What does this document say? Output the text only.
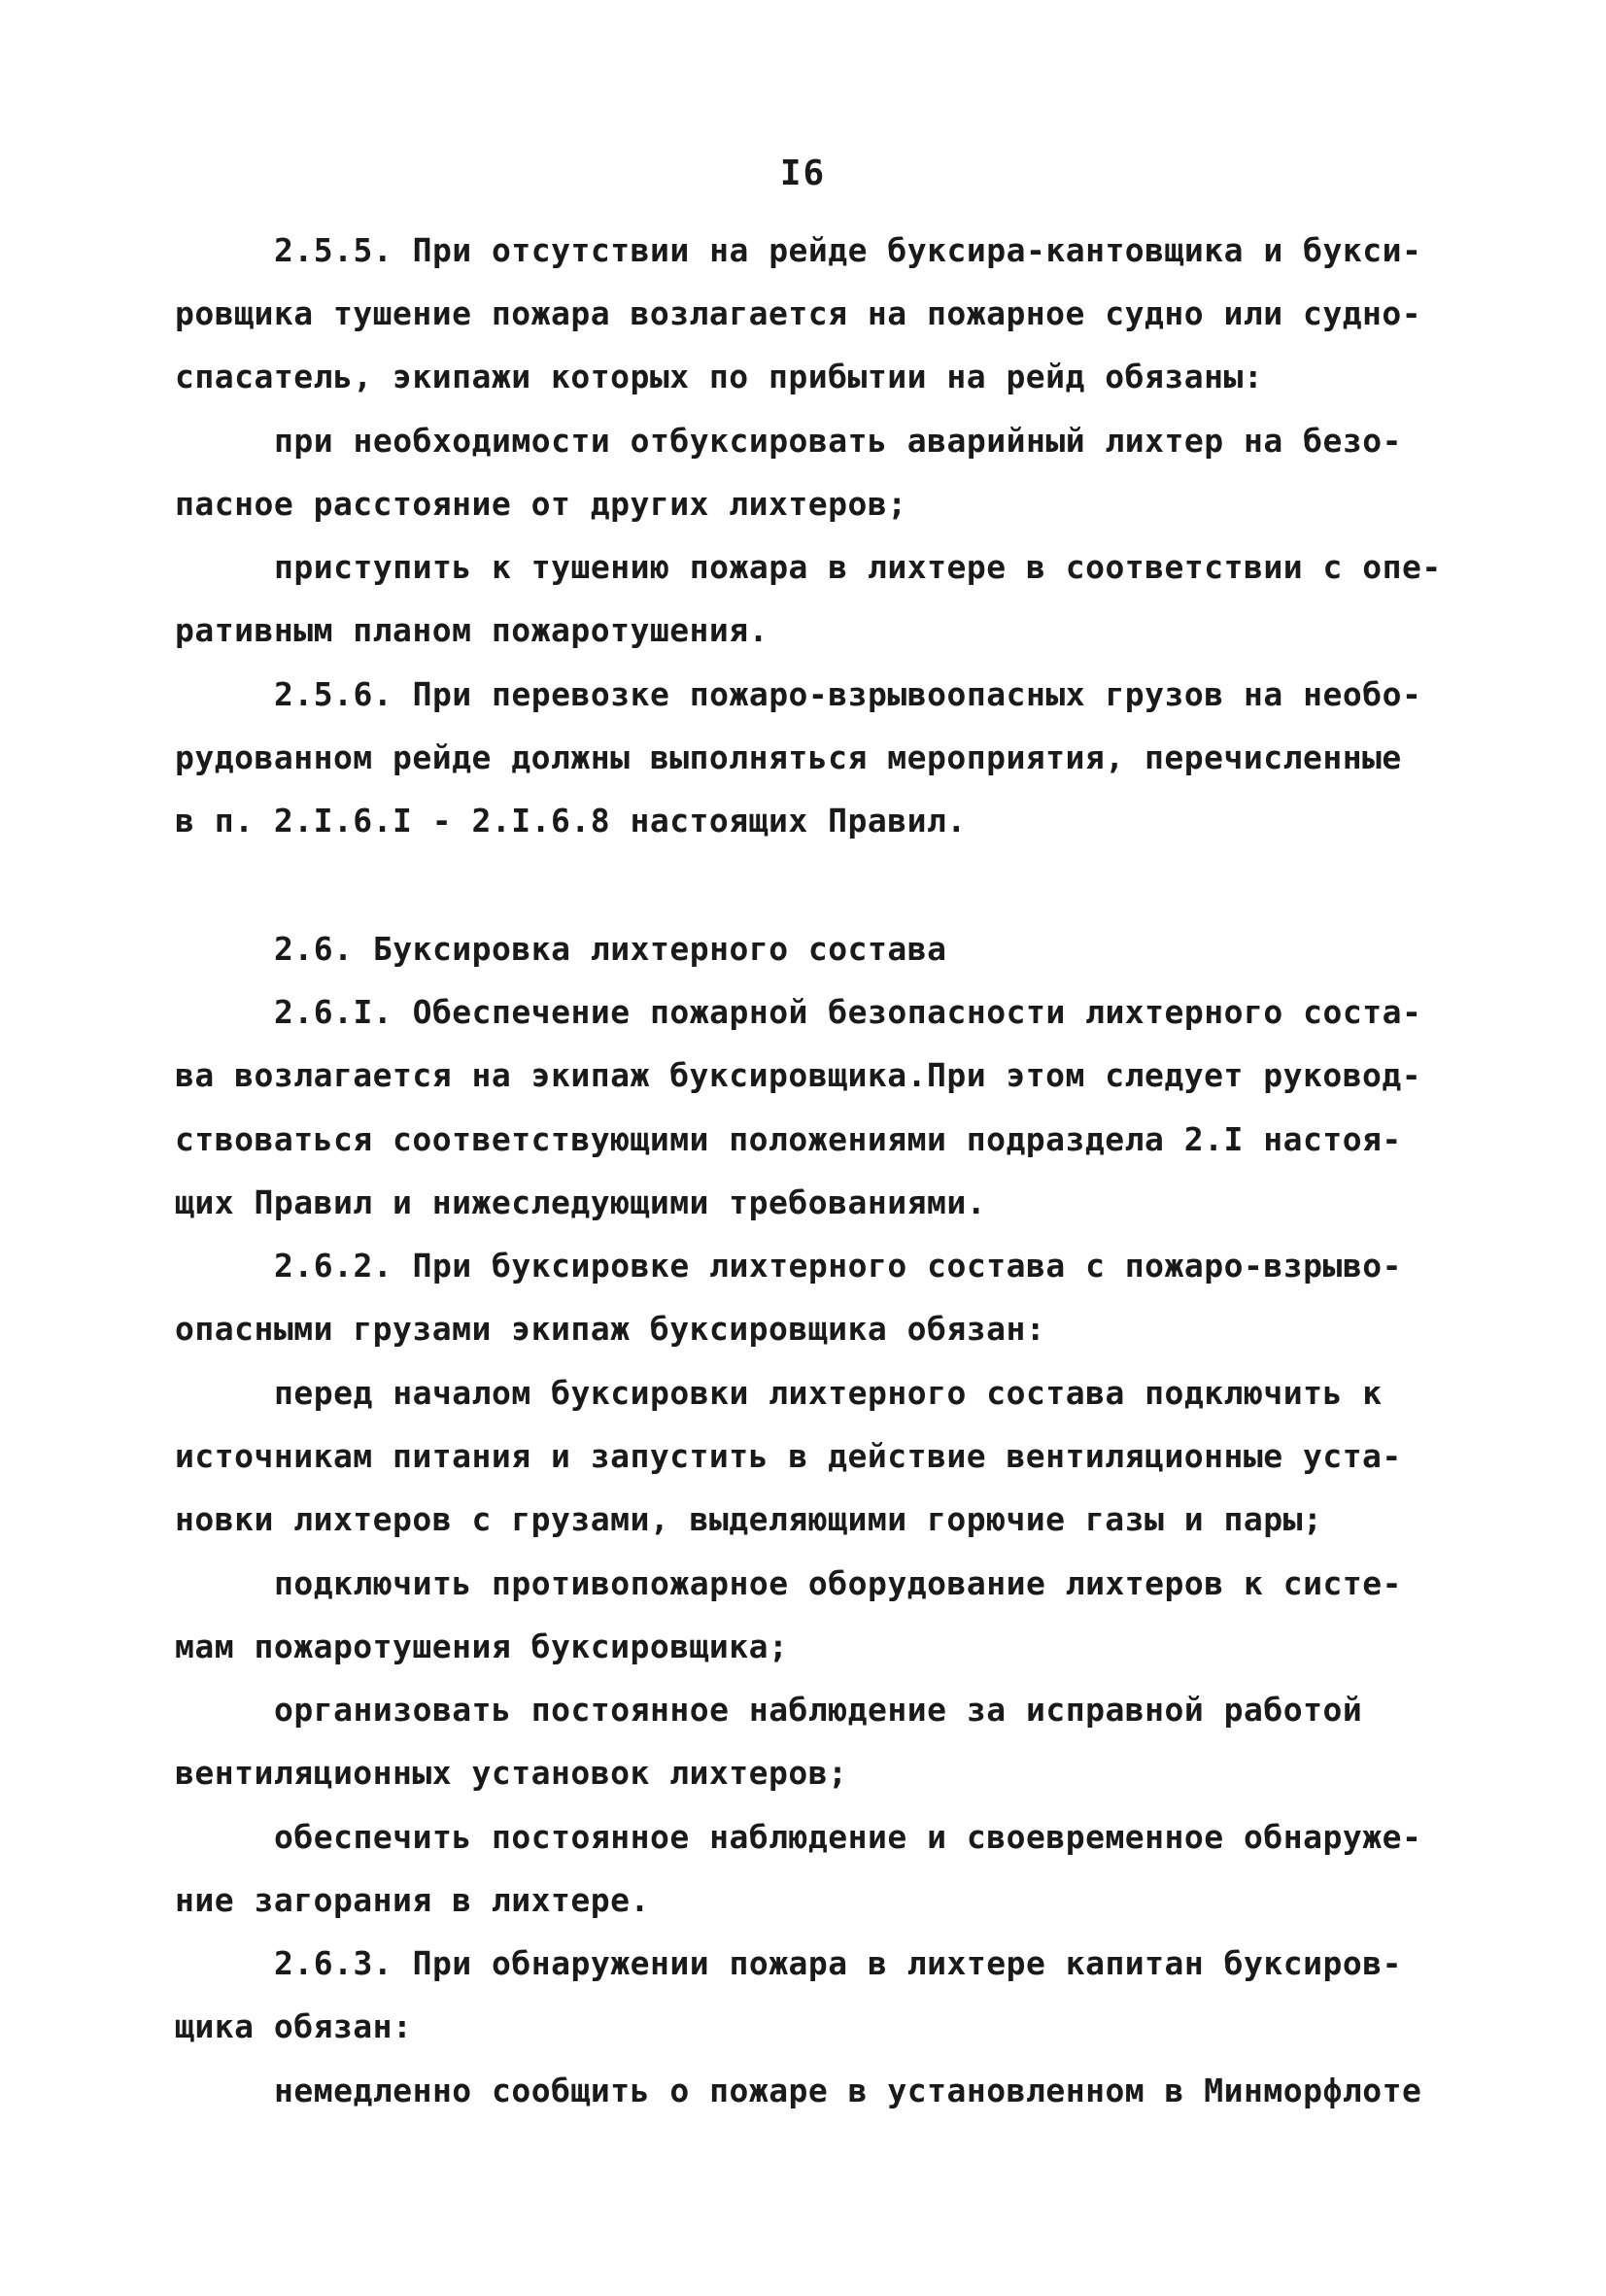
I6
2.5.5. При отсутствии на рейде буксира-кантовщика и букси-
ровщика тушение пожара возлагается на пожарное судно или судно-
спасатель, экипажи которых по прибытии на рейд обязаны:
при необходимости отбуксировать аварийный лихтер на безо-
пасное расстояние от других лихтеров;
приступить к тушению пожара в лихтере в соответствии с опе-
ративным планом пожаротушения.
2.5.6. При перевозке пожаро-взрывоопасных грузов на необо-
рудованном рейде должны выполняться мероприятия, перечисленные
в п. 2.I.6.I - 2.I.6.8 настоящих Правил.
2.6. Буксировка лихтерного состава
2.6.I. Обеспечение пожарной безопасности лихтерного соста-
ва возлагается на экипаж буксировщика.При этом следует руковод-
ствоваться соответствующими положениями подраздела 2.I настоя-
щих Правил и нижеследующими требованиями.
2.6.2. При буксировке лихтерного состава с пожаро-взрыво-
опасными грузами экипаж буксировщика обязан:
перед началом буксировки лихтерного состава подключить к
источникам питания и запустить в действие вентиляционные уста-
новки лихтеров с грузами, выделяющими горючие газы и пары;
подключить противопожарное оборудование лихтеров к систе-
мам пожаротушения буксировщика;
организовать постоянное наблюдение за исправной работой
вентиляционных установок лихтеров;
обеспечить постоянное наблюдение и своевременное обнаруже-
ние загорания в лихтере.
2.6.3. При обнаружении пожара в лихтере капитан буксиров-
щика обязан:
немедленно сообщить о пожаре в установленном в Минморфлоте
